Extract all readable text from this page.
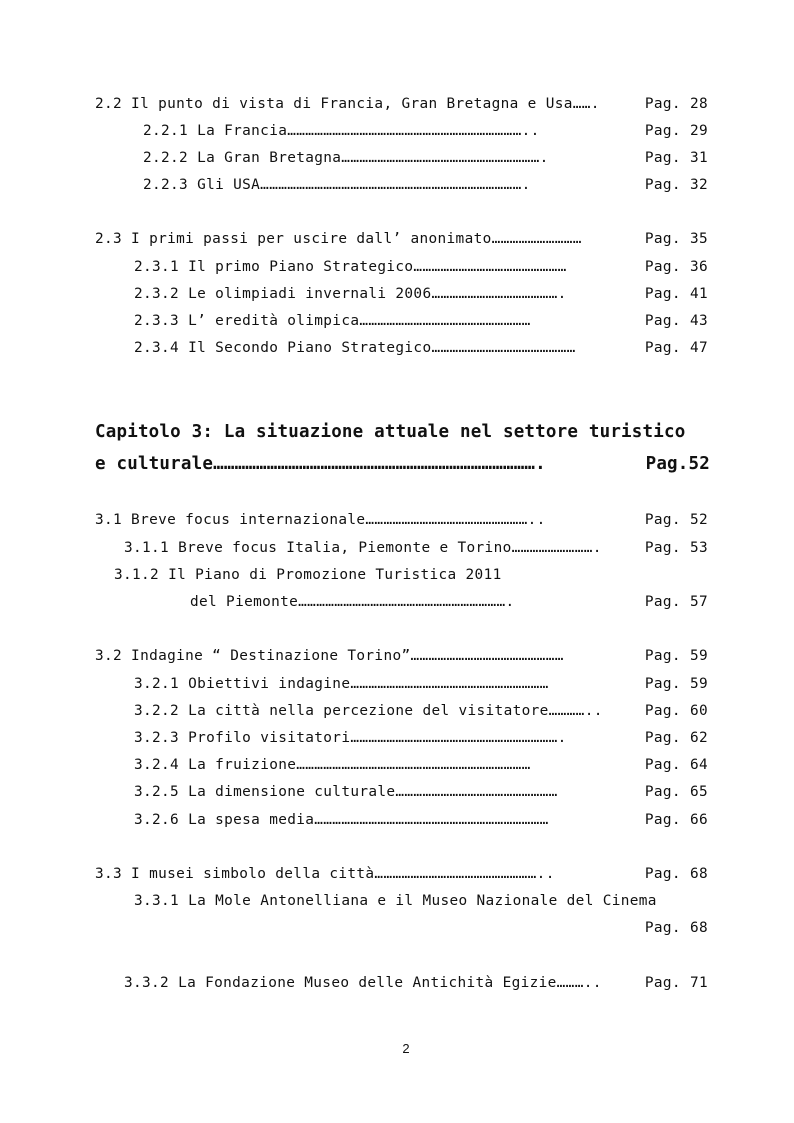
2.2 Il punto di vista di Francia, Gran Bretagna e Usa…….	Pag. 28
2.2.1 La Francia……………………………………………………………………..	Pag. 29
2.2.2 La Gran Bretagna………………………………………………………….	Pag. 31
2.2.3 Gli USA…………………………………………………………………………….	Pag. 32
2.3 I primi passi per uscire dall’ anonimato…………………………	Pag. 35
2.3.1 Il primo Piano Strategico……………………………………………	Pag. 36
2.3.2 Le olimpiadi invernali 2006…………………………………….	Pag. 41
2.3.3 L’ eredità olimpica…………………………………………………	Pag. 43
2.3.4 Il Secondo Piano Strategico…………………………………………	Pag. 47
Capitolo 3: La situazione attuale nel settore turistico
e culturale……………………………………………………………………………….	Pag.52
3.1 Breve focus internazionale………………………………………………..	Pag. 52
3.1.1 Breve focus Italia, Piemonte e Torino……………………….	Pag. 53
3.1.2 Il Piano di Promozione Turistica 2011
del Piemonte…………………………………………………………….	Pag. 57
3.2 Indagine “ Destinazione Torino”……………………………………………	Pag. 59
3.2.1 Obiettivi indagine…………………………………………………………	Pag. 59
3.2.2 La città nella percezione del visitatore…………..	Pag. 60
3.2.3 Profilo visitatori…………………………………………………………….	Pag. 62
3.2.4 La fruizione……………………………………………………………………	Pag. 64
3.2.5 La dimensione culturale………………………………………………	Pag. 65
3.2.6 La spesa media……………………………………………………………………	Pag. 66
3.3 I musei simbolo della città………………………………………………..	Pag. 68
3.3.1 La Mole Antonelliana e il Museo Nazionale del Cinema
Pag. 68
3.3.2 La Fondazione Museo delle Antichità Egizie………..	Pag. 71
2
